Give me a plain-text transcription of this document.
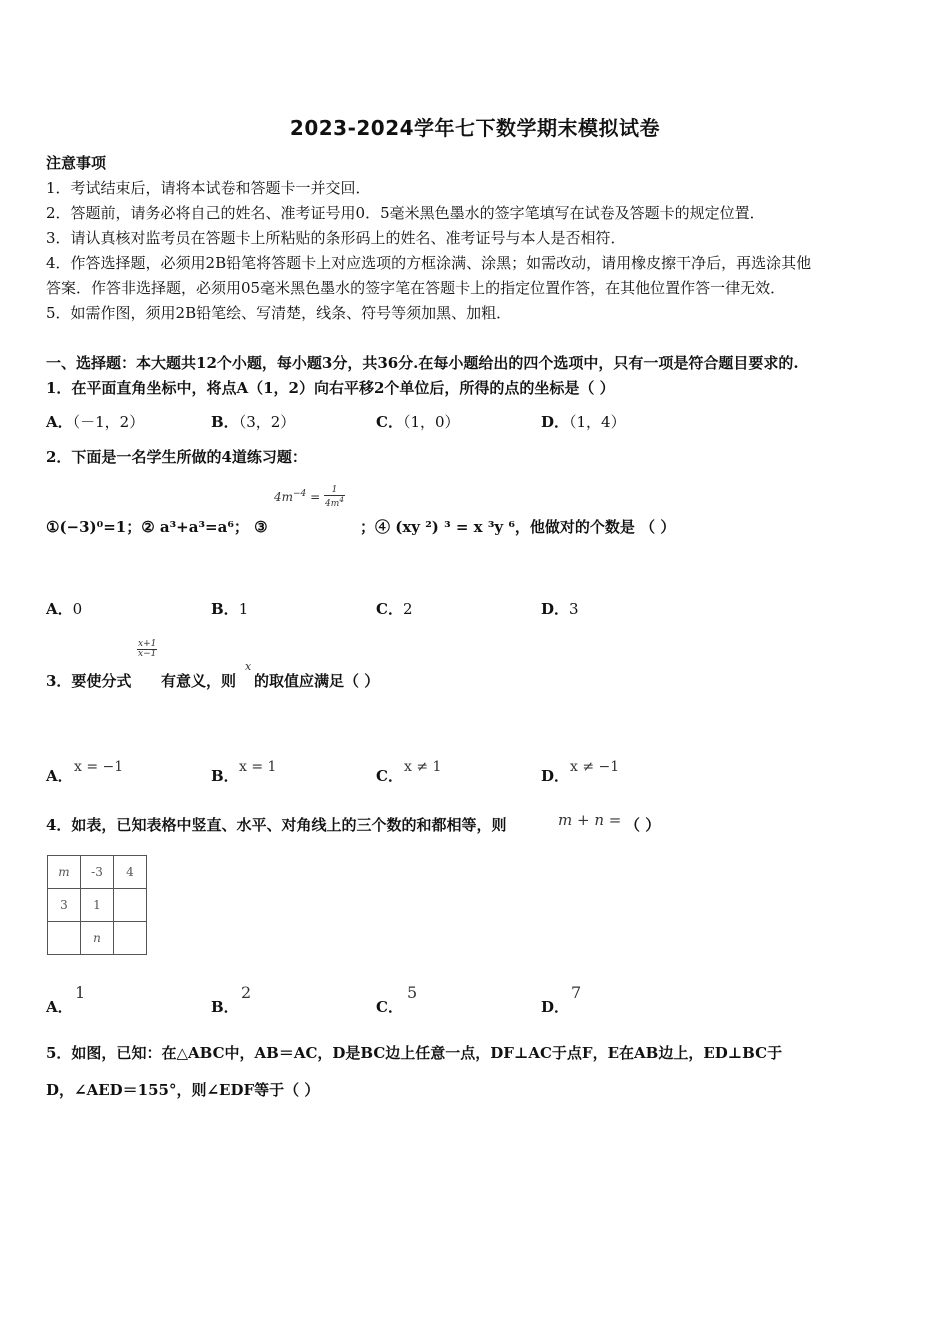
2023-2024学年七下数学期末模拟试卷
注意事项
1．考试结束后，请将本试卷和答题卡一并交回．
2．答题前，请务必将自己的姓名、准考证号用0．5毫米黑色墨水的签字笔填写在试卷及答题卡的规定位置．
3．请认真核对监考员在答题卡上所粘贴的条形码上的姓名、准考证号与本人是否相符．
4．作答选择题，必须用2B铅笔将答题卡上对应选项的方框涂满、涂黑；如需改动，请用橡皮擦干净后，再选涂其他
答案．作答非选择题，必须用05毫米黑色墨水的签字笔在答题卡上的指定位置作答，在其他位置作答一律无效．
5．如需作图，须用2B铅笔绘、写清楚，线条、符号等须加黑、加粗．
一、选择题：本大题共12个小题，每小题3分，共36分.在每小题给出的四个选项中，只有一项是符合题目要求的.
1．在平面直角坐标中，将点A（1，2）向右平移2个单位后，所得的点的坐标是（ ）
A．（－1，2）	B．（3，2）	C．（1，0）	D．（1，4）
2．下面是一名学生所做的4道练习题：
$4m^{-4} = \frac{1}{4m^4}$
①(−3)⁰=1；② a³+a³=a⁶； ③	；④ (xy ²) ³ = x ³y ⁶，他做对的个数是 （ ）
A．0	B．1	C．2	D．3
$\frac{x+1}{x-1}$
3．要使分式 有意义，则
x
的取值应满足（ ）
A． x = −1	B． x = 1	C． x ≠ 1	D． x ≠ −1
4．如表，已知表格中竖直、水平、对角线上的三个数的和都相等，则	m + n = （ ）
m	-3	4
3	1	
	n	
A．
1
B．
2
C．
5
D．
7
5．如图，已知：在△ABC中，AB＝AC，D是BC边上任意一点，DF⊥AC于点F，E在AB边上，ED⊥BC于
D，∠AED＝155°，则∠EDF等于（ ）
